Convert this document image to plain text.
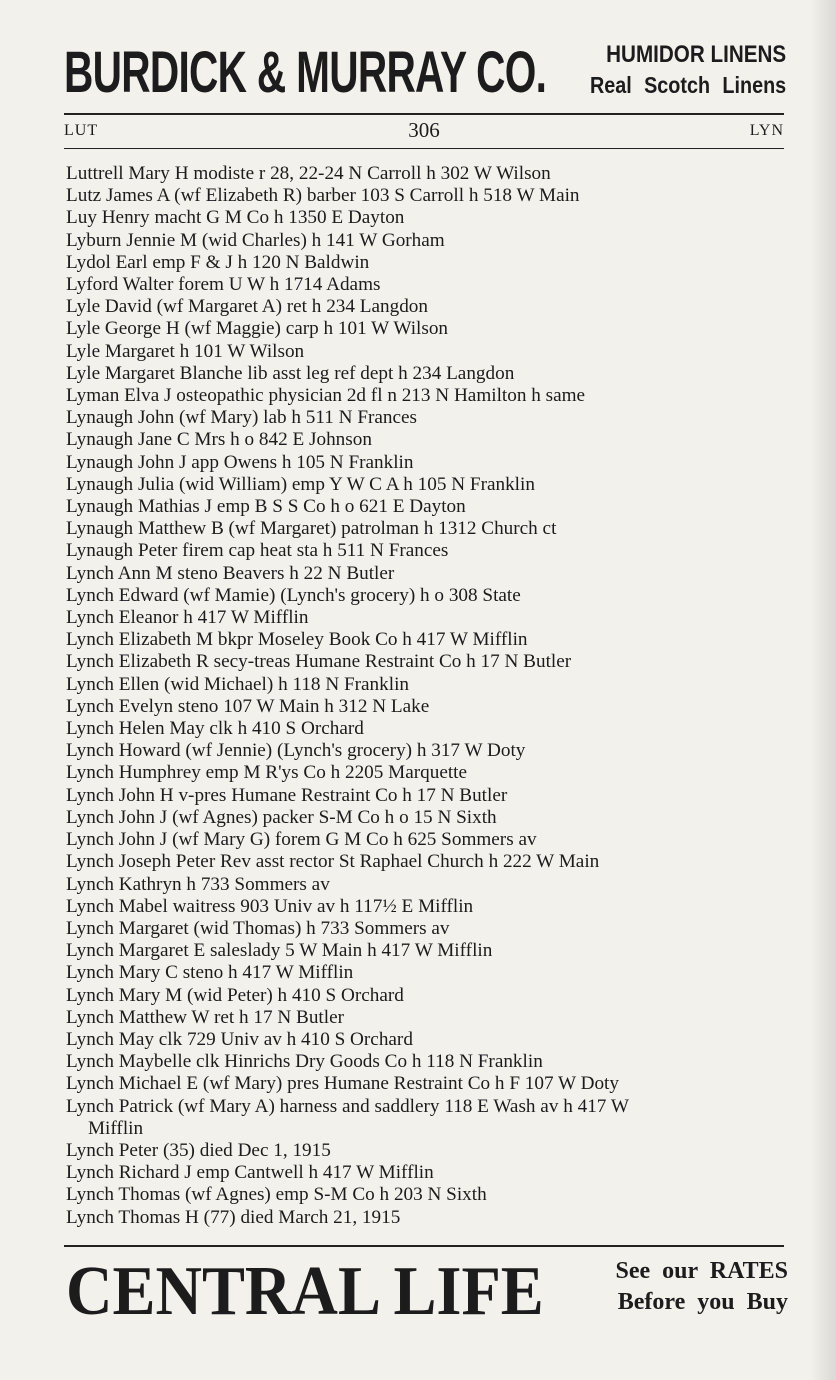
BURDICK & MURRAY CO.	HUMIDOR LINENS
Real Scotch Linens
LUT	306	LYN
Luttrell Mary H modiste r 28, 22-24 N Carroll h 302 W Wilson
Lutz James A (wf Elizabeth R) barber 103 S Carroll h 518 W Main
Luy Henry macht G M Co h 1350 E Dayton
Lyburn Jennie M (wid Charles) h 141 W Gorham
Lydol Earl emp F & J h 120 N Baldwin
Lyford Walter forem U W h 1714 Adams
Lyle David (wf Margaret A) ret h 234 Langdon
Lyle George H (wf Maggie) carp h 101 W Wilson
Lyle Margaret h 101 W Wilson
Lyle Margaret Blanche lib asst leg ref dept h 234 Langdon
Lyman Elva J osteopathic physician 2d fl n 213 N Hamilton h same
Lynaugh John (wf Mary) lab h 511 N Frances
Lynaugh Jane C Mrs h o 842 E Johnson
Lynaugh John J app Owens h 105 N Franklin
Lynaugh Julia (wid William) emp Y W C A h 105 N Franklin
Lynaugh Mathias J emp B S S Co h o 621 E Dayton
Lynaugh Matthew B (wf Margaret) patrolman h 1312 Church ct
Lynaugh Peter firem cap heat sta h 511 N Frances
Lynch Ann M steno Beavers h 22 N Butler
Lynch Edward (wf Mamie) (Lynch's grocery) h o 308 State
Lynch Eleanor h 417 W Mifflin
Lynch Elizabeth M bkpr Moseley Book Co h 417 W Mifflin
Lynch Elizabeth R secy-treas Humane Restraint Co h 17 N Butler
Lynch Ellen (wid Michael) h 118 N Franklin
Lynch Evelyn steno 107 W Main h 312 N Lake
Lynch Helen May clk h 410 S Orchard
Lynch Howard (wf Jennie) (Lynch's grocery) h 317 W Doty
Lynch Humphrey emp M R'ys Co h 2205 Marquette
Lynch John H v-pres Humane Restraint Co h 17 N Butler
Lynch John J (wf Agnes) packer S-M Co h o 15 N Sixth
Lynch John J (wf Mary G) forem G M Co h 625 Sommers av
Lynch Joseph Peter Rev asst rector St Raphael Church h 222 W Main
Lynch Kathryn h 733 Sommers av
Lynch Mabel waitress 903 Univ av h 117½ E Mifflin
Lynch Margaret (wid Thomas) h 733 Sommers av
Lynch Margaret E saleslady 5 W Main h 417 W Mifflin
Lynch Mary C steno h 417 W Mifflin
Lynch Mary M (wid Peter) h 410 S Orchard
Lynch Matthew W ret h 17 N Butler
Lynch May clk 729 Univ av h 410 S Orchard
Lynch Maybelle clk Hinrichs Dry Goods Co h 118 N Franklin
Lynch Michael E (wf Mary) pres Humane Restraint Co h F 107 W Doty
Lynch Patrick (wf Mary A) harness and saddlery 118 E Wash av h 417 W
Mifflin
Lynch Peter (35) died Dec 1, 1915
Lynch Richard J emp Cantwell h 417 W Mifflin
Lynch Thomas (wf Agnes) emp S-M Co h 203 N Sixth
Lynch Thomas H (77) died March 21, 1915
CENTRAL LIFE	See our RATES
Before you Buy
